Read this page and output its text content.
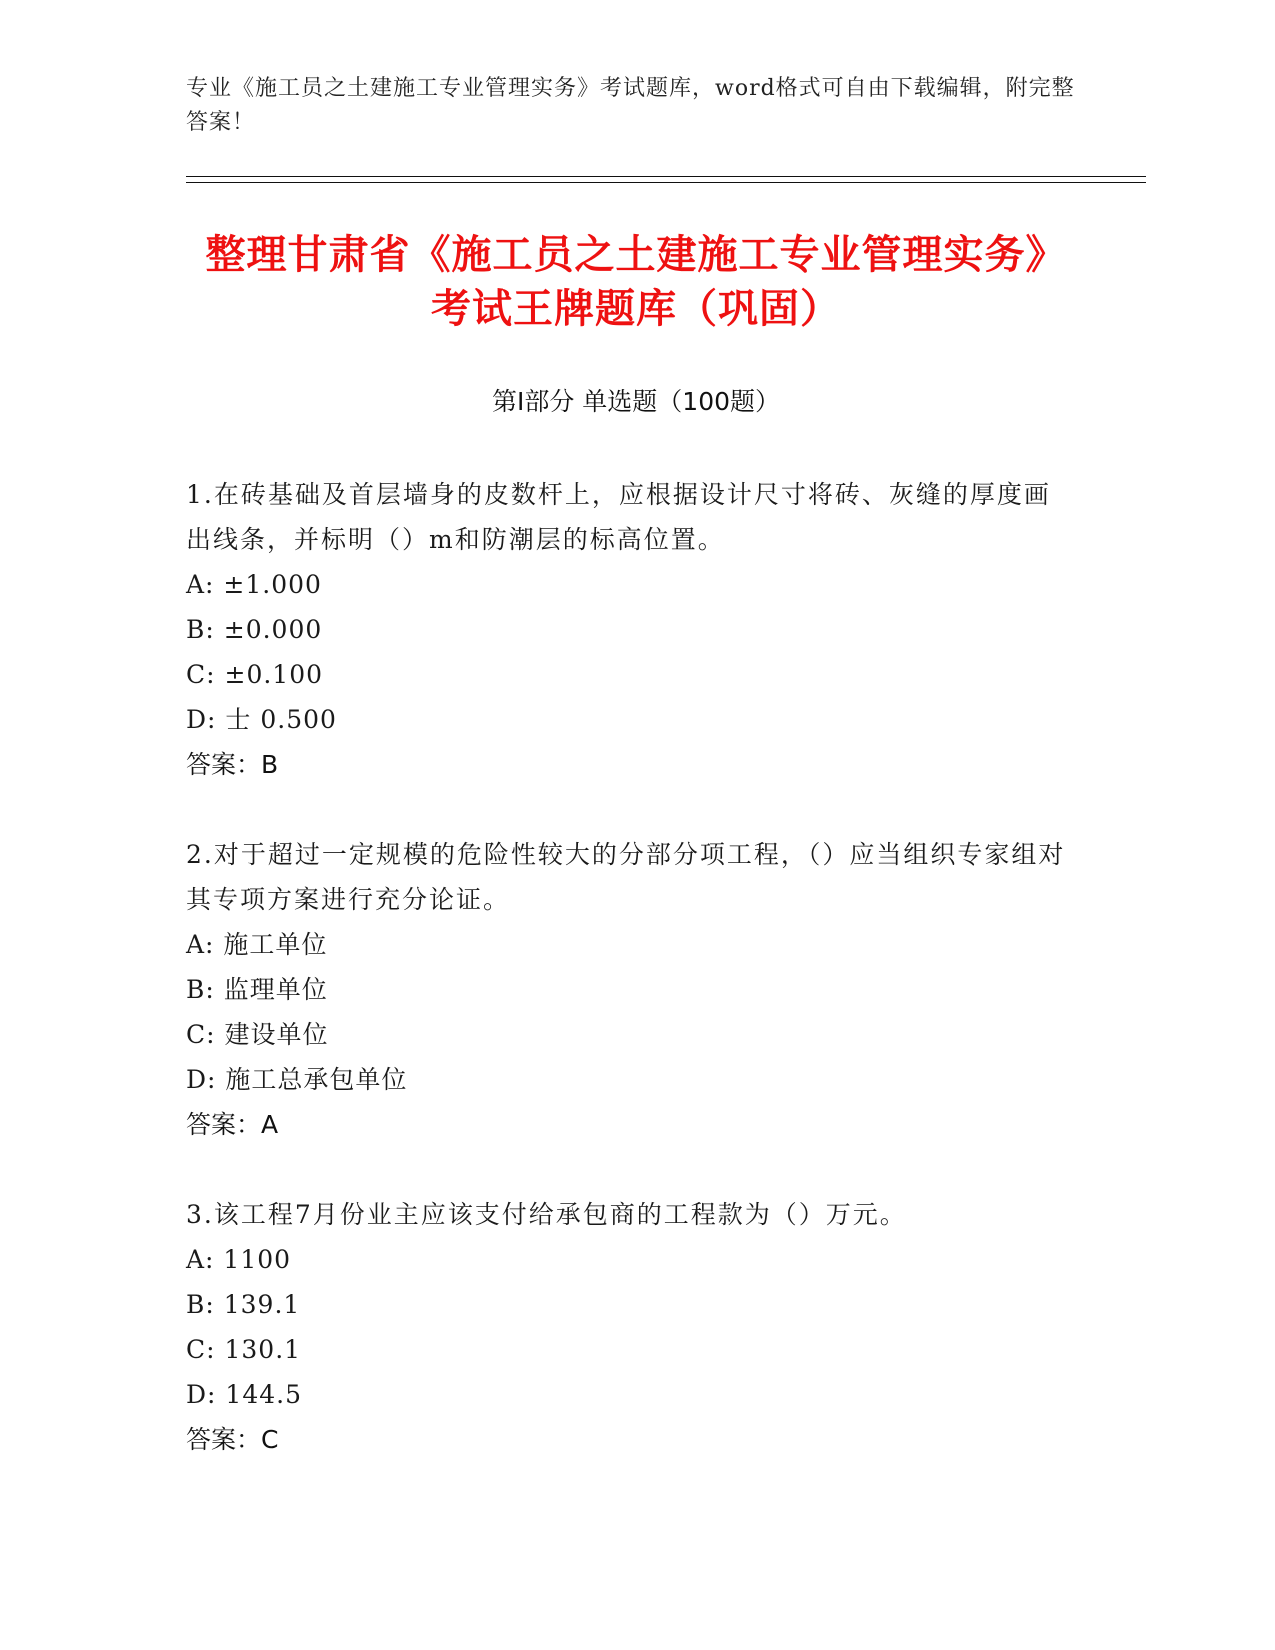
专业《施工员之土建施工专业管理实务》考试题库，word格式可自由下载编辑，附完整答案！
整理甘肃省《施工员之土建施工专业管理实务》考试王牌题库（巩固）
第Ⅰ部分 单选题（100题）
1.在砖基础及首层墙身的皮数杆上，应根据设计尺寸将砖、灰缝的厚度画出线条，并标明（）m和防潮层的标高位置。
A: ±1.000
B: ±0.000
C: ±0.100
D: 士 0.500
答案：B
2.对于超过一定规模的危险性较大的分部分项工程，（）应当组织专家组对其专项方案进行充分论证。
A: 施工单位
B: 监理单位
C: 建设单位
D: 施工总承包单位
答案：A
3.该工程7月份业主应该支付给承包商的工程款为（）万元。
A: 1100
B: 139.1
C: 130.1
D: 144.5
答案：C
